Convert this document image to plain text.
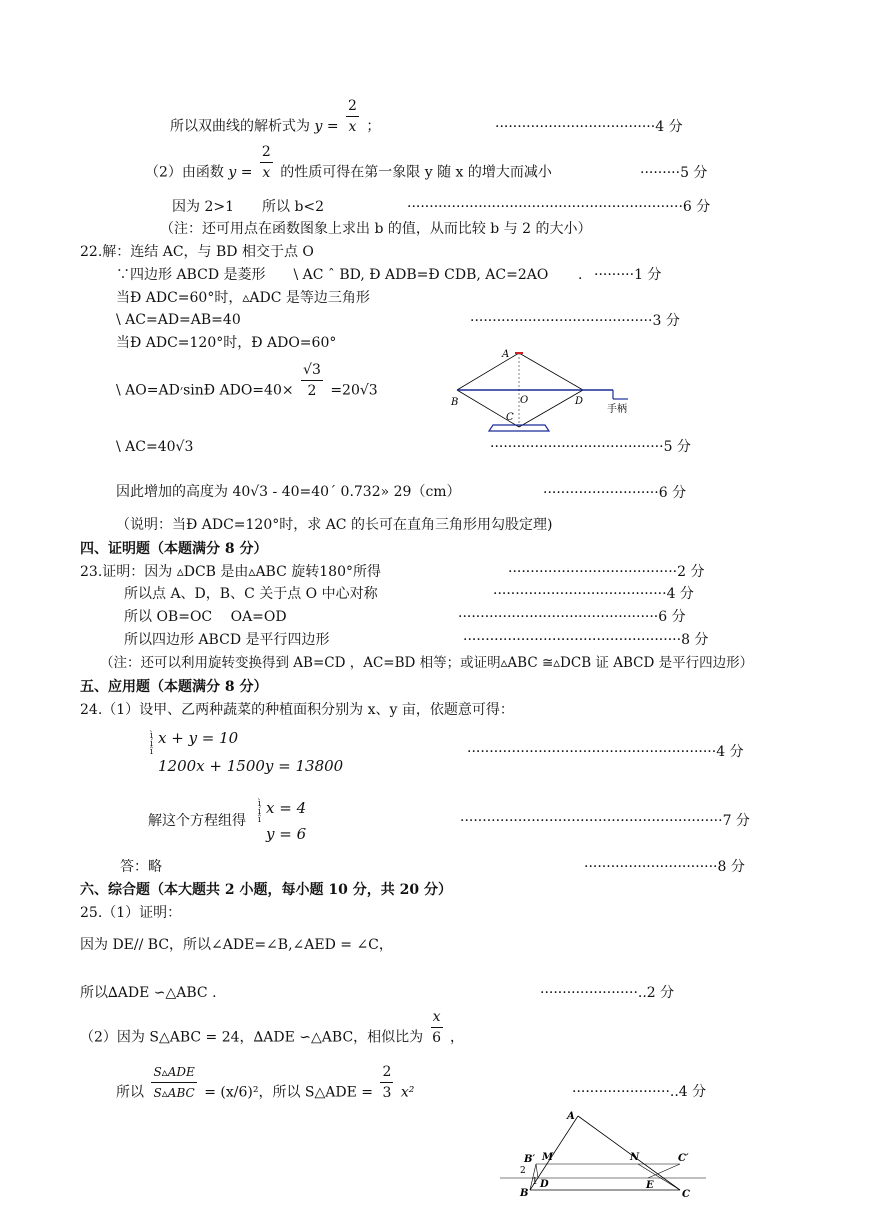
所以双曲线的解析式为 $y = \frac{2}{x}$ ；	····································4 分
（2）由函数 $y = \frac{2}{x}$ 的性质可得在第一象限 y 随 x 的增大而减小	·········5 分
因为 2>1　　所以 b<2	······························································6 分
（注：还可用点在函数图象上求出 b 的值，从而比较 b 与 2 的大小）
22.解：连结 AC，与 BD 相交于点 O
∵四边形 ABCD 是菱形　　\ AC ˆ BD, Ð ADB=Ð CDB, AC=2AO . ·········1 分
当Ð ADC=60°时，▵ADC 是等边三角形
\ AC=AD=AB=40	·········································3 分
当Ð ADC=120°时，Ð ADO=60°
\ AO=AD׳sinÐ $ADO=40\times \frac{√3}{2} =20√3$
\ AC=40√3	·······································5 分
因此增加的高度为 40√3 - 40=40´ 0.732» 29（cm）	··························6 分
（说明：当Ð ADC=120°时，求 AC 的长可在直角三角形用勾股定理)
A
B	O	D
C
手柄
四、证明题（本题满分 8 分）
23.证明：因为 ▵DCB 是由▵ABC 旋转180°所得	······································2 分
所以点 A、D，B、C 关于点 O 中心对称	·······································4 分
所以 OB=OC　 OA=OD	·············································6 分
所以四边形 ABCD 是平行四边形	·················································8 分
（注：还可以利用旋转变换得到 AB=CD ，AC=BD 相等；或证明▵ABC ≅▵DCB 证 ABCD 是平行四边形）
五、应用题（本题满分 8 分）
24.（1）设甲、乙两种蔬菜的种植面积分别为 x、y 亩，依题意可得：
ì
í
î
x + y = 10
1200x + 1500y = 13800
························································4 分
解这个方程组得
ì
í
î
x = 4
y = 6
···························································7 分
答：略	······························8 分
六、综合题（本大题共 2 小题，每小题 10 分，共 20 分）
25.（1）证明：
因为 DE// BC，所以∠ADE=∠B,∠AED = ∠C，
所以∆ADE ∽△ABC .	······················..2 分
（2）因为 S△ABC = 24，∆ADE ∽△ABC，相似比为 $\frac{x}{6}$ ，
所以 $\frac{\text{S▵ADE}}{\text{S▵ABC}} = (x/6)^2$，所以 S△ADE = $\frac{2}{3} x^2$	······················..4 分
A
B′ M	N	C′
2
1 D
B
E
C
